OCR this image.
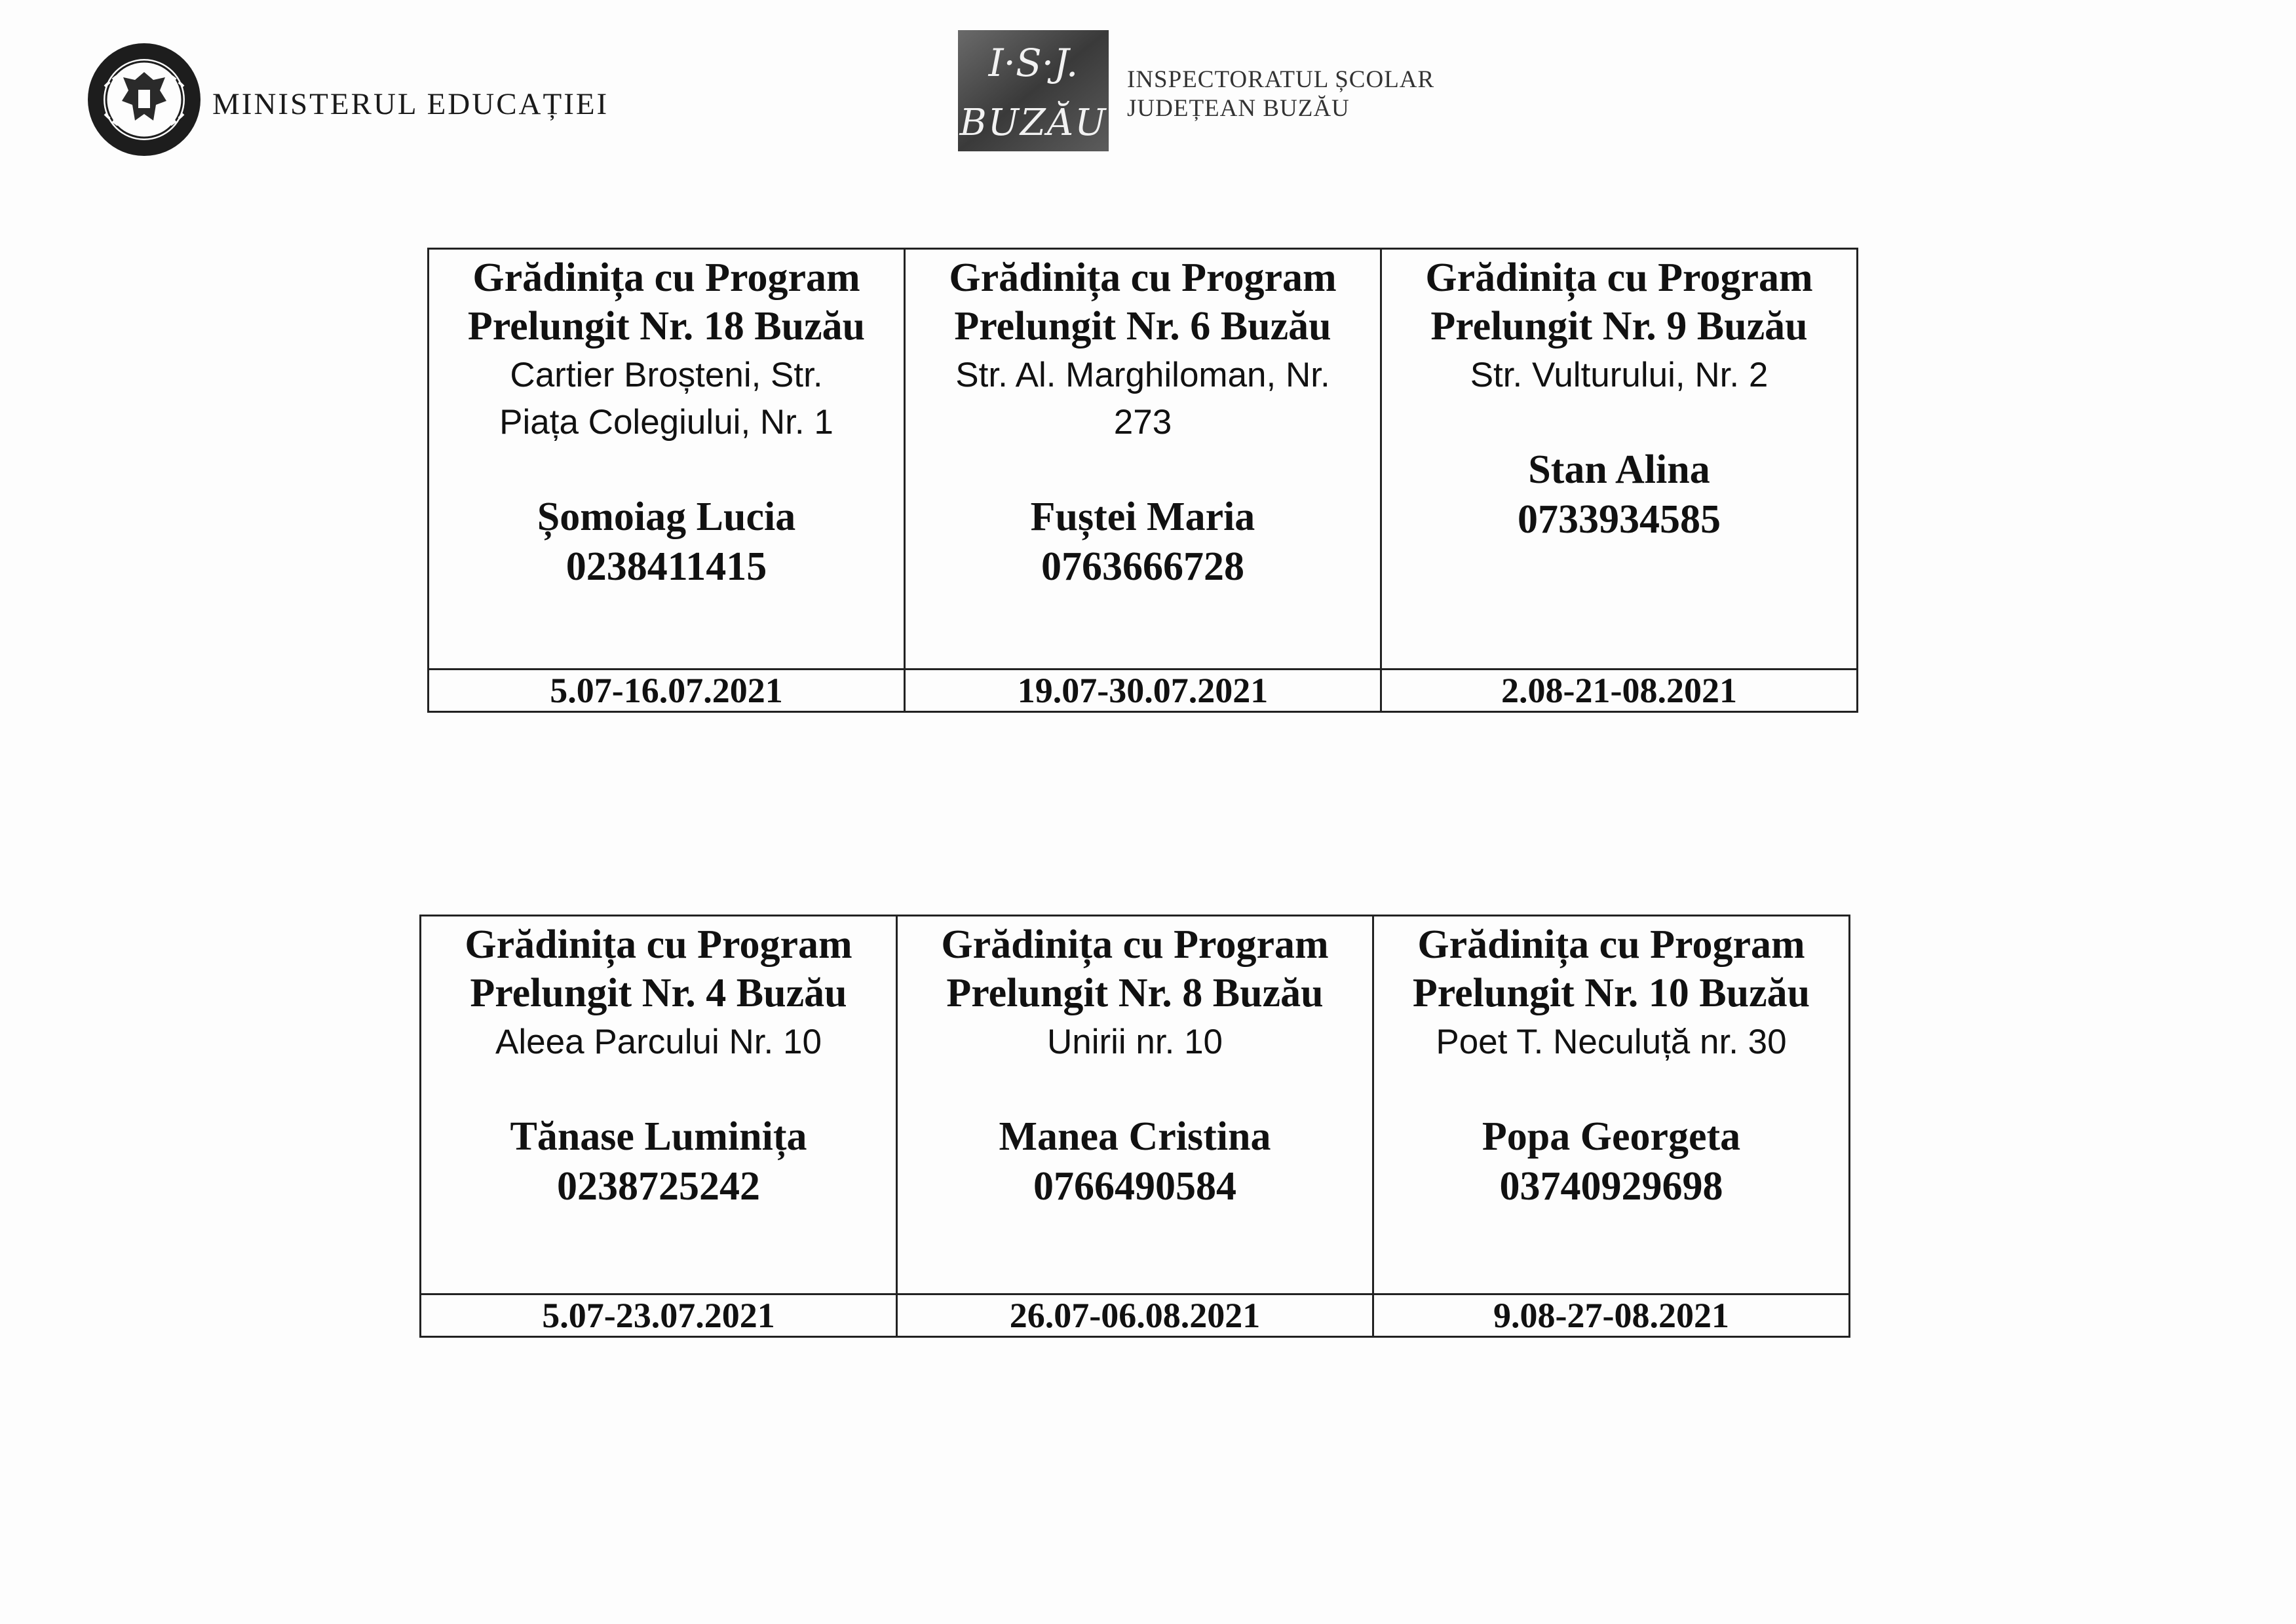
MINISTERUL EDUCAȚIEI
I·S·J.
BUZĂU
INSPECTORATUL ȘCOLAR
JUDEȚEAN BUZĂU
Grădinița cu Program
Prelungit Nr. 18 Buzău
Cartier Broșteni, Str.
Piața Colegiului, Nr. 1
Șomoiag Lucia
0238411415
Grădinița cu Program
Prelungit Nr. 6 Buzău
Str. Al. Marghiloman, Nr.
273
Fuștei Maria
0763666728
Grădinița cu Program
Prelungit Nr. 9 Buzău
Str. Vulturului, Nr. 2
Stan Alina
0733934585
5.07-16.07.2021	19.07-30.07.2021	2.08-21-08.2021
Grădinița cu Program
Prelungit Nr. 4 Buzău
Aleea Parcului Nr. 10
Tănase Luminița
0238725242
Grădinița cu Program
Prelungit Nr. 8 Buzău
Unirii nr. 10
Manea Cristina
0766490584
Grădinița cu Program
Prelungit Nr. 10 Buzău
Poet T. Neculuță nr. 30
Popa Georgeta
03740929698
5.07-23.07.2021	26.07-06.08.2021	9.08-27-08.2021
